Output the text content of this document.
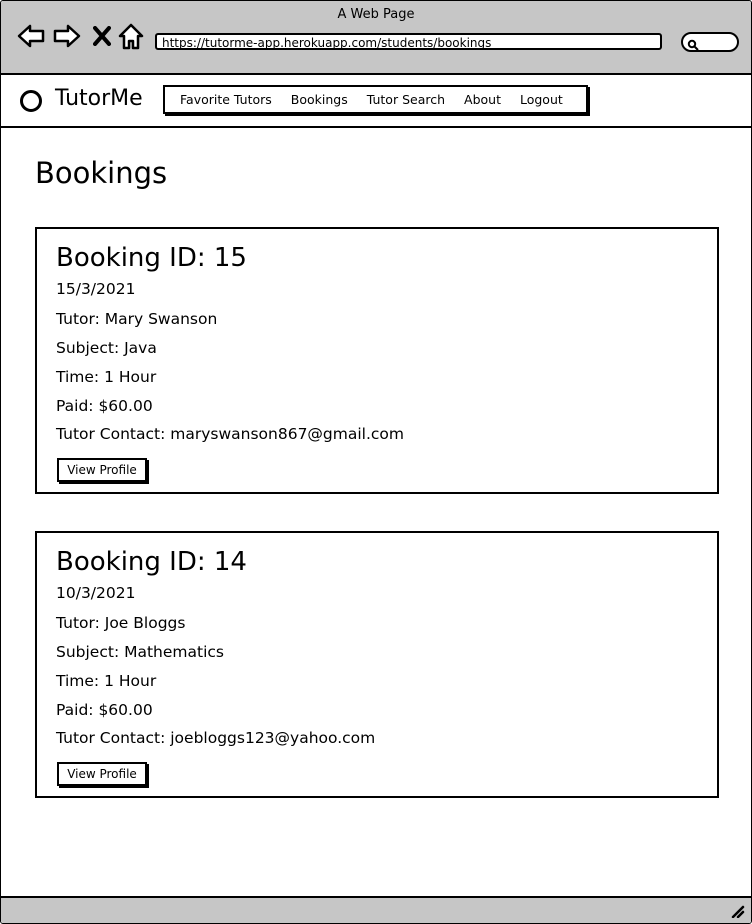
A Web Page
https://tutorme-app.herokuapp.com/students/bookings
TutorMe	Favorite Tutors Bookings Tutor Search About Logout
Bookings
Booking ID: 15
15/3/2021
Tutor: Mary Swanson
Subject: Java
Time: 1 Hour
Paid: $60.00
Tutor Contact: maryswanson867@gmail.com
View Profile
Booking ID: 14
10/3/2021
Tutor: Joe Bloggs
Subject: Mathematics
Time: 1 Hour
Paid: $60.00
Tutor Contact: joebloggs123@yahoo.com
View Profile
